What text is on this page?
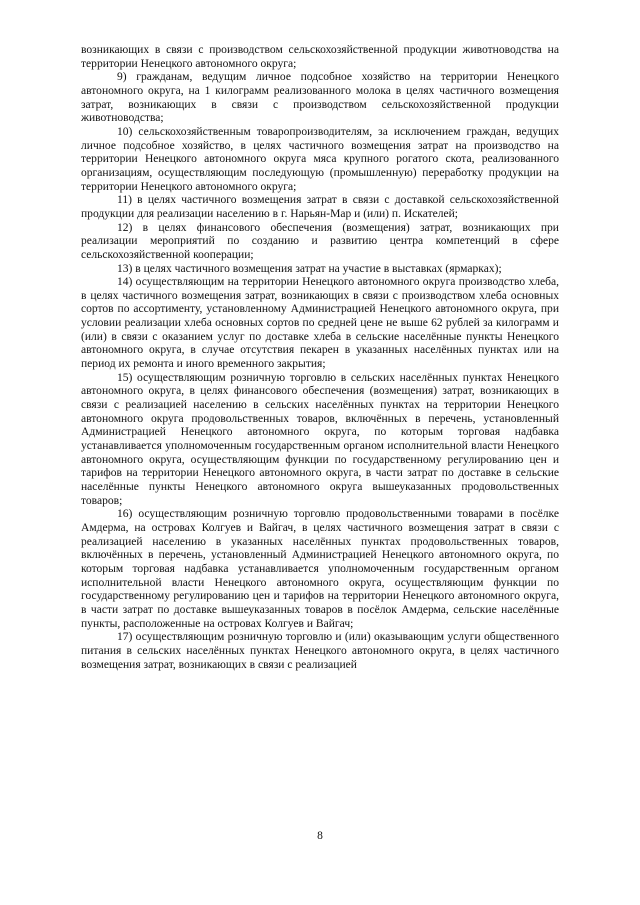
возникающих в связи с производством сельскохозяйственной продукции животноводства на территории Ненецкого автономного округа;

9) гражданам, ведущим личное подсобное хозяйство на территории Ненецкого автономного округа, на 1 килограмм реализованного молока в целях частичного возмещения затрат, возникающих в связи с производством сельскохозяйственной продукции животноводства;

10) сельскохозяйственным товаропроизводителям, за исключением граждан, ведущих личное подсобное хозяйство, в целях частичного возмещения затрат на производство на территории Ненецкого автономного округа мяса крупного рогатого скота, реализованного организациям, осуществляющим последующую (промышленную) переработку продукции на территории Ненецкого автономного округа;

11) в целях частичного возмещения затрат в связи с доставкой сельскохозяйственной продукции для реализации населению в г. Нарьян-Мар и (или) п. Искателей;

12) в целях финансового обеспечения (возмещения) затрат, возникающих при реализации мероприятий по созданию и развитию центра компетенций в сфере сельскохозяйственной кооперации;

13) в целях частичного возмещения затрат на участие в выставках (ярмарках);

14) осуществляющим на территории Ненецкого автономного округа производство хлеба, в целях частичного возмещения затрат, возникающих в связи с производством хлеба основных сортов по ассортименту, установленному Администрацией Ненецкого автономного округа, при условии реализации хлеба основных сортов по средней цене не выше 62 рублей за килограмм и (или) в связи с оказанием услуг по доставке хлеба в сельские населённые пункты Ненецкого автономного округа, в случае отсутствия пекарен в указанных населённых пунктах или на период их ремонта и иного временного закрытия;

15) осуществляющим розничную торговлю в сельских населённых пунктах Ненецкого автономного округа, в целях финансового обеспечения (возмещения) затрат, возникающих в связи с реализацией населению в сельских населённых пунктах на территории Ненецкого автономного округа продовольственных товаров, включённых в перечень, установленный Администрацией Ненецкого автономного округа, по которым торговая надбавка устанавливается уполномоченным государственным органом исполнительной власти Ненецкого автономного округа, осуществляющим функции по государственному регулированию цен и тарифов на территории Ненецкого автономного округа, в части затрат по доставке в сельские населённые пункты Ненецкого автономного округа вышеуказанных продовольственных товаров;

16) осуществляющим розничную торговлю продовольственными товарами в посёлке Амдерма, на островах Колгуев и Вайгач, в целях частичного возмещения затрат в связи с реализацией населению в указанных населённых пунктах продовольственных товаров, включённых в перечень, установленный Администрацией Ненецкого автономного округа, по которым торговая надбавка устанавливается уполномоченным государственным органом исполнительной власти Ненецкого автономного округа, осуществляющим функции по государственному регулированию цен и тарифов на территории Ненецкого автономного округа, в части затрат по доставке вышеуказанных товаров в посёлок Амдерма, сельские населённые пункты, расположенные на островах Колгуев и Вайгач;

17) осуществляющим розничную торговлю и (или) оказывающим услуги общественного питания в сельских населённых пунктах Ненецкого автономного округа, в целях частичного возмещения затрат, возникающих в связи с реализацией

8
